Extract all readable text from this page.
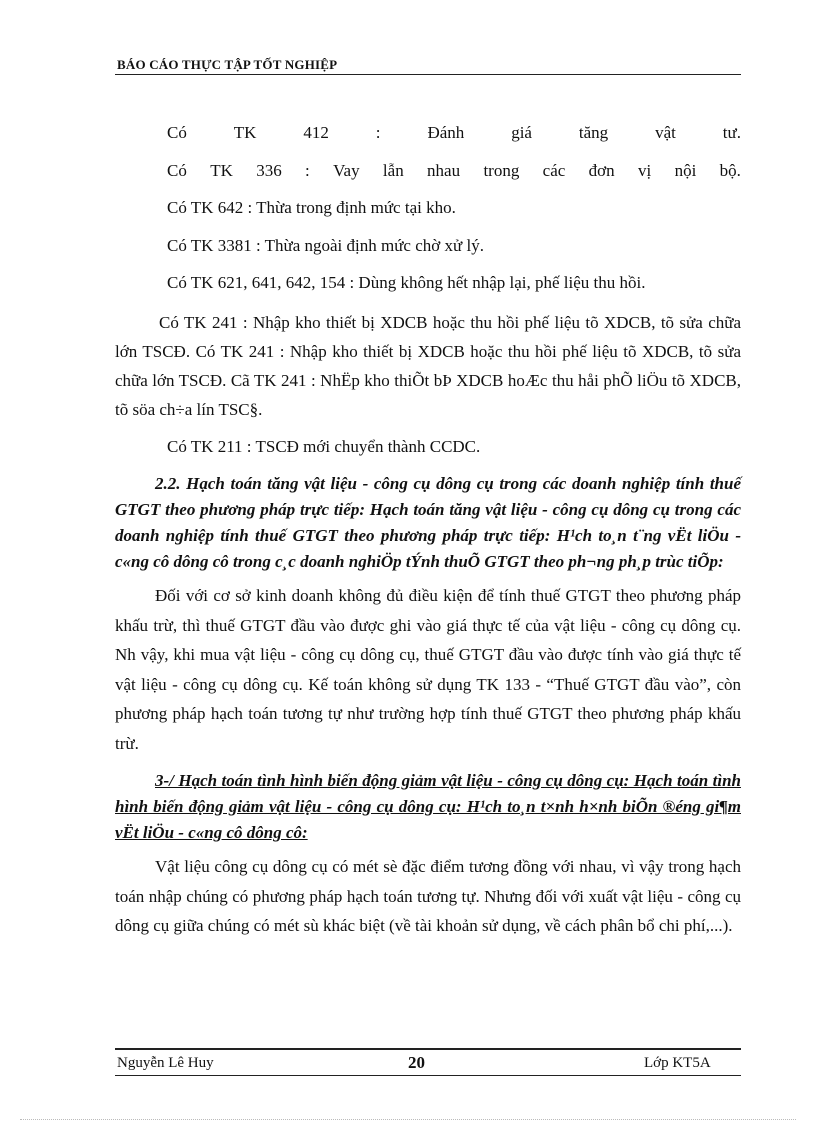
BÁO CÁO THỰC TẬP TỐT NGHIỆP
Có	TK	412	:	Đánh	giá	tăng	vật	tư.
Có TK 336 : Vay lẫn nhau trong các đơn vị nội bộ.
Có TK 642 : Thừa trong định mức tại kho.
Có TK 3381 : Thừa ngoài định mức chờ xử lý.
Có TK 621, 641, 642, 154 : Dùng không hết nhập lại, phế liệu thu hồi.

Có TK 241 : Nhập kho thiết bị XDCB hoặc thu hồi phế liệu tõ XDCB, tõ sửa chữa lớn TSCĐ. Có TK 241 : Nhập kho thiết bị XDCB hoặc thu hồi phế liệu tõ XDCB, tõ sửa chữa lớn TSCĐ. Cã TK 241 : NhËp kho thiÕt bÞ XDCB hoÆc thu håi phÕ liÖu tõ XDCB, tõ söa ch÷a lín TSC§.

Có TK 211 : TSCĐ mới chuyển thành CCDC.

2.2. Hạch toán tăng vật liệu - công cụ dông cụ trong các doanh nghiệp tính thuế GTGT theo phương pháp trực tiếp: Hạch toán tăng vật liệu - công cụ dông cụ trong các doanh nghiệp tính thuế GTGT theo phương pháp trực tiếp: H¹ch to¸n t¨ng vËt liÖu - c«ng cô dông cô trong c¸c doanh nghiÖp tÝnh thuÕ GTGT theo ph¬ng ph¸p trùc tiÕp:

Đối với cơ sở kinh doanh không đủ điều kiện để tính thuế GTGT theo phương pháp khấu trừ, thì thuế GTGT đầu vào được ghi vào giá thực tế của vật liệu - công cụ dông cụ. Nh vậy, khi mua vật liệu - công cụ dông cụ, thuế GTGT đầu vào được tính vào giá thực tế vật liệu - công cụ dông cụ. Kế toán không sử dụng TK 133 - “Thuế GTGT đầu vào”, còn phương pháp hạch toán tương tự như trường hợp tính thuế GTGT theo phương pháp khấu trừ.

3-/ Hạch toán tình hình biến động giảm vật liệu - công cụ dông cụ: Hạch toán tình hình biến động giảm vật liệu - công cụ dông cụ: H¹ch to¸n t×nh h×nh biÕn ®éng gi¶m vËt liÖu - c«ng cô dông cô:

Vật liệu công cụ dông cụ có mét sè đặc điểm tương đồng với nhau, vì vậy trong hạch toán nhập chúng có phương pháp hạch toán tương tự. Nhưng đối với xuất vật liệu - công cụ dông cụ giữa chúng có mét sù khác biệt (về tài khoản sử dụng, về cách phân bổ chi phí,...).

Nguyễn Lê Huy	20	Lớp KT5A
